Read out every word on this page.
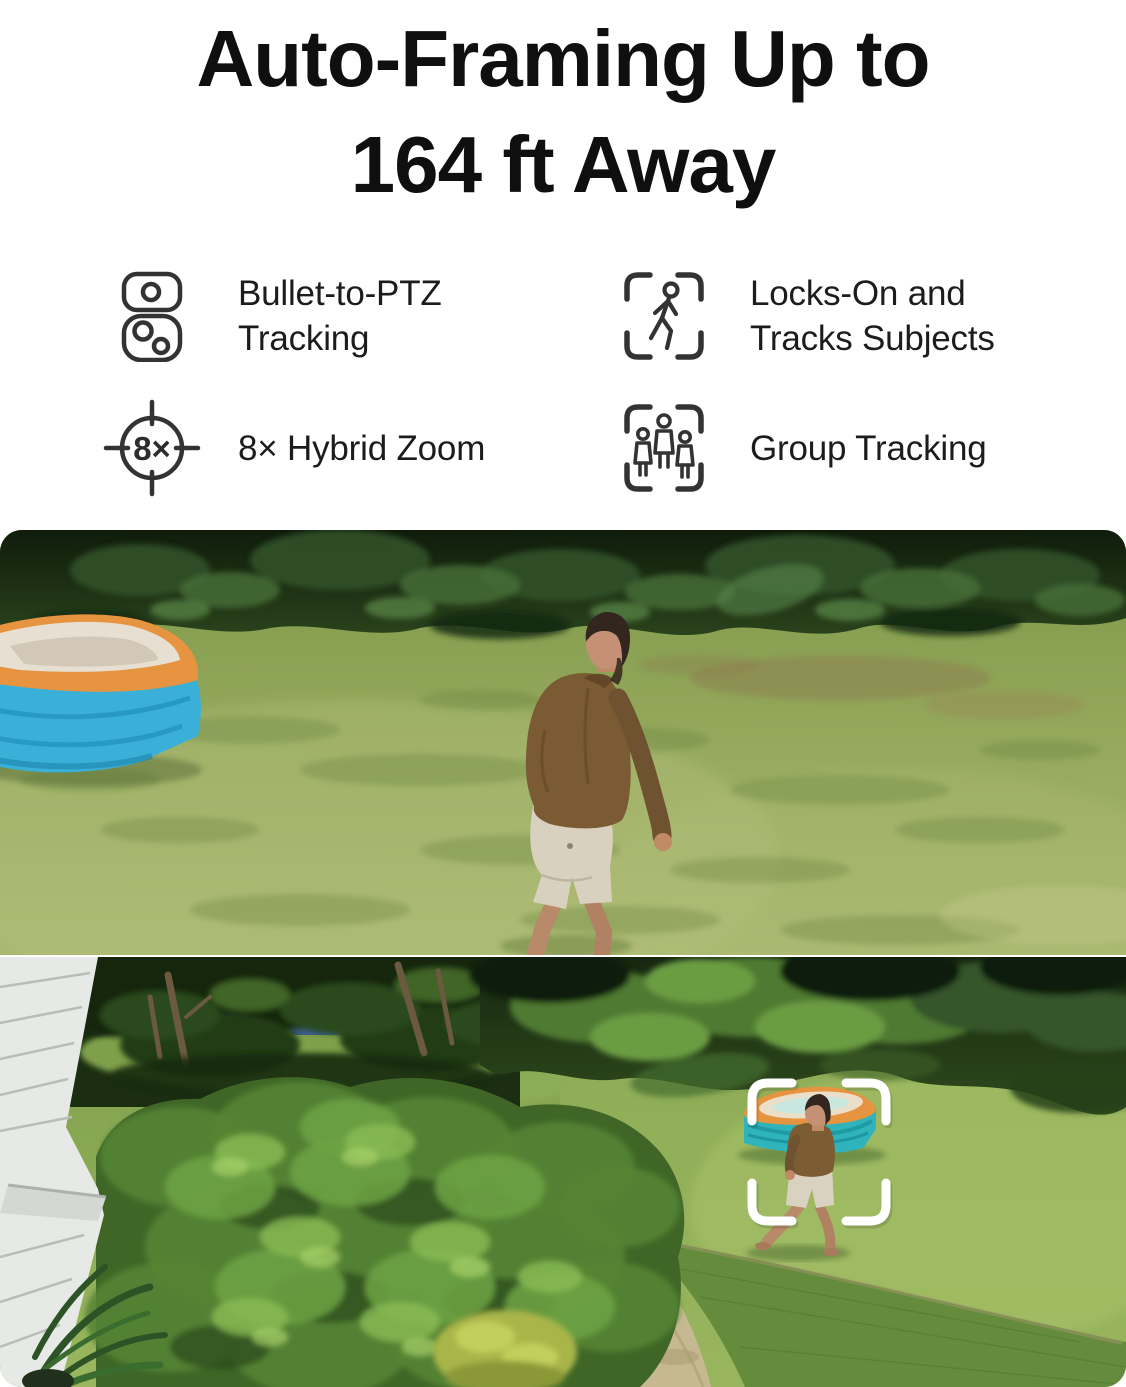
Auto-Framing Up to
164 ft Away
Bullet-to-PTZ Tracking
Locks-On and Tracks Subjects
8× 8× Hybrid Zoom	Group Tracking
